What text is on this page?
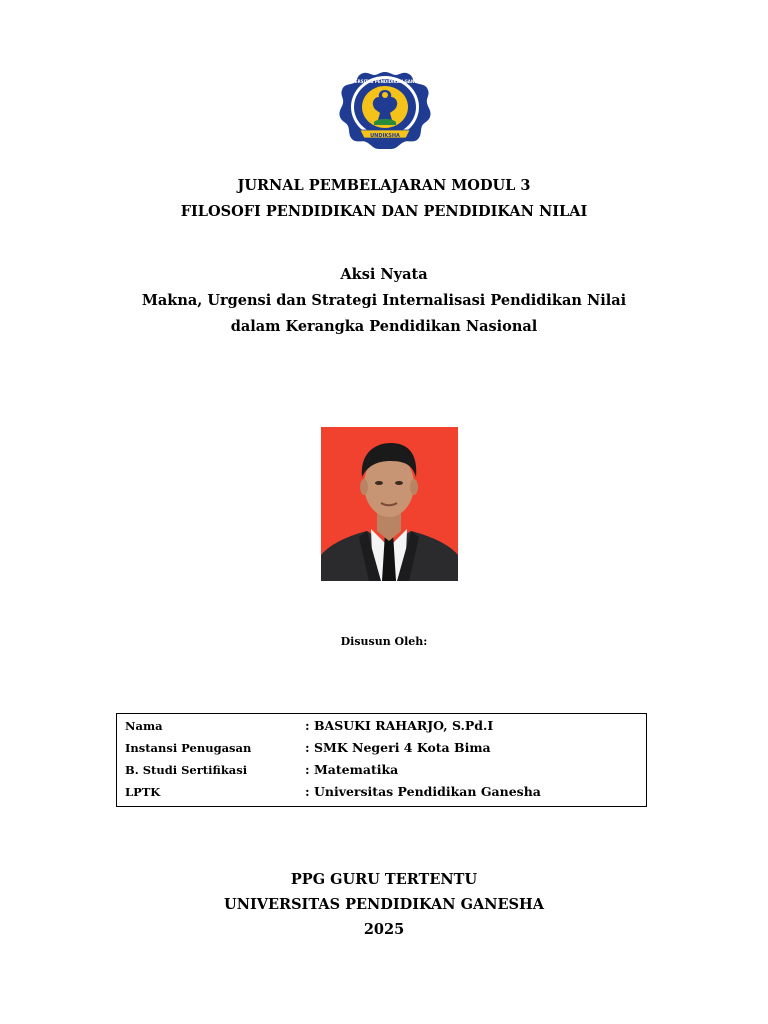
UNIVERSITAS PENDIDIKAN GANESHA
UNDIKSHA
JURNAL PEMBELAJARAN MODUL 3
FILOSOFI PENDIDIKAN DAN PENDIDIKAN NILAI
Aksi Nyata
Makna, Urgensi dan Strategi Internalisasi Pendidikan Nilai
dalam Kerangka Pendidikan Nasional
Disusun Oleh:
Nama	: BASUKI RAHARJO, S.Pd.I
Instansi Penugasan	: SMK Negeri 4 Kota Bima
B. Studi Sertifikasi	: Matematika
LPTK	: Universitas Pendidikan Ganesha
PPG GURU TERTENTU
UNIVERSITAS PENDIDIKAN GANESHA
2025
